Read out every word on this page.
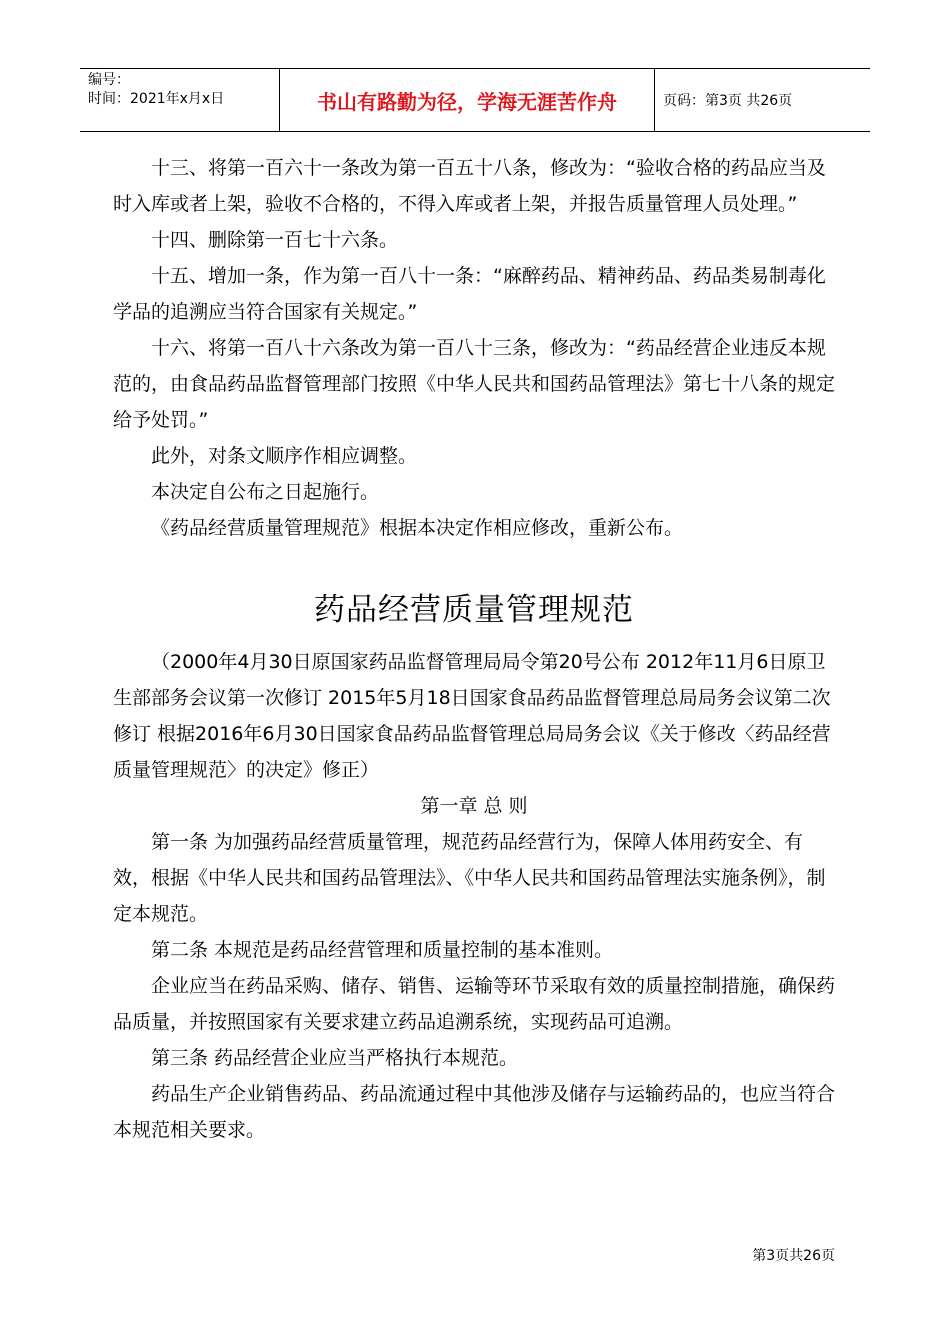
编号：
时间：2021年x月x日	书山有路勤为径，学海无涯苦作舟	页码：第3页 共26页

十三、将第一百六十一条改为第一百五十八条，修改为：“验收合格的药品应当及时入库或者上架，验收不合格的，不得入库或者上架，并报告质量管理人员处理。”

十四、删除第一百七十六条。

十五、增加一条，作为第一百八十一条：“麻醉药品、精神药品、药品类易制毒化学品的追溯应当符合国家有关规定。”

十六、将第一百八十六条改为第一百八十三条，修改为：“药品经营企业违反本规范的，由食品药品监督管理部门按照《中华人民共和国药品管理法》第七十八条的规定给予处罚。”

此外，对条文顺序作相应调整。

本决定自公布之日起施行。

《药品经营质量管理规范》根据本决定作相应修改，重新公布。

药品经营质量管理规范

（2000年4月30日原国家药品监督管理局局令第20号公布 2012年11月6日原卫生部部务会议第一次修订 2015年5月18日国家食品药品监督管理总局局务会议第二次修订 根据2016年6月30日国家食品药品监督管理总局局务会议《关于修改〈药品经营质量管理规范〉的决定》修正）

第一章 总 则

第一条 为加强药品经营质量管理，规范药品经营行为，保障人体用药安全、有效，根据《中华人民共和国药品管理法》、《中华人民共和国药品管理法实施条例》，制定本规范。

第二条 本规范是药品经营管理和质量控制的基本准则。

企业应当在药品采购、储存、销售、运输等环节采取有效的质量控制措施，确保药品质量，并按照国家有关要求建立药品追溯系统，实现药品可追溯。

第三条 药品经营企业应当严格执行本规范。

药品生产企业销售药品、药品流通过程中其他涉及储存与运输药品的，也应当符合本规范相关要求。

第3页共26页
